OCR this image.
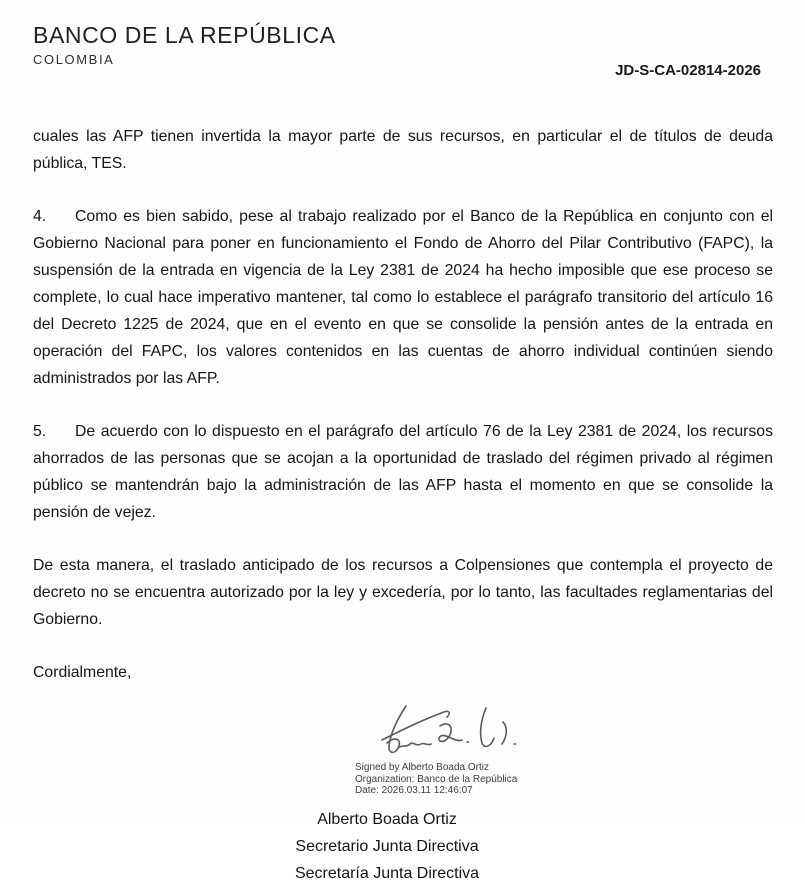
BANCO DE LA REPÚBLICA
COLOMBIA
JD-S-CA-02814-2026

cuales las AFP tienen invertida la mayor parte de sus recursos, en particular el de títulos de deuda pública, TES.

4. Como es bien sabido, pese al trabajo realizado por el Banco de la República en conjunto con el Gobierno Nacional para poner en funcionamiento el Fondo de Ahorro del Pilar Contributivo (FAPC), la suspensión de la entrada en vigencia de la Ley 2381 de 2024 ha hecho imposible que ese proceso se complete, lo cual hace imperativo mantener, tal como lo establece el parágrafo transitorio del artículo 16 del Decreto 1225 de 2024, que en el evento en que se consolide la pensión antes de la entrada en operación del FAPC, los valores contenidos en las cuentas de ahorro individual continúen siendo administrados por las AFP.

5. De acuerdo con lo dispuesto en el parágrafo del artículo 76 de la Ley 2381 de 2024, los recursos ahorrados de las personas que se acojan a la oportunidad de traslado del régimen privado al régimen público se mantendrán bajo la administración de las AFP hasta el momento en que se consolide la pensión de vejez.

De esta manera, el traslado anticipado de los recursos a Colpensiones que contempla el proyecto de decreto no se encuentra autorizado por la ley y excedería, por lo tanto, las facultades reglamentarias del Gobierno.

Cordialmente,

Signed by Alberto Boada Ortiz
Organization: Banco de la República
Date: 2026.03.11 12:46:07
Alberto Boada Ortiz
Secretario Junta Directiva
Secretaría Junta Directiva
